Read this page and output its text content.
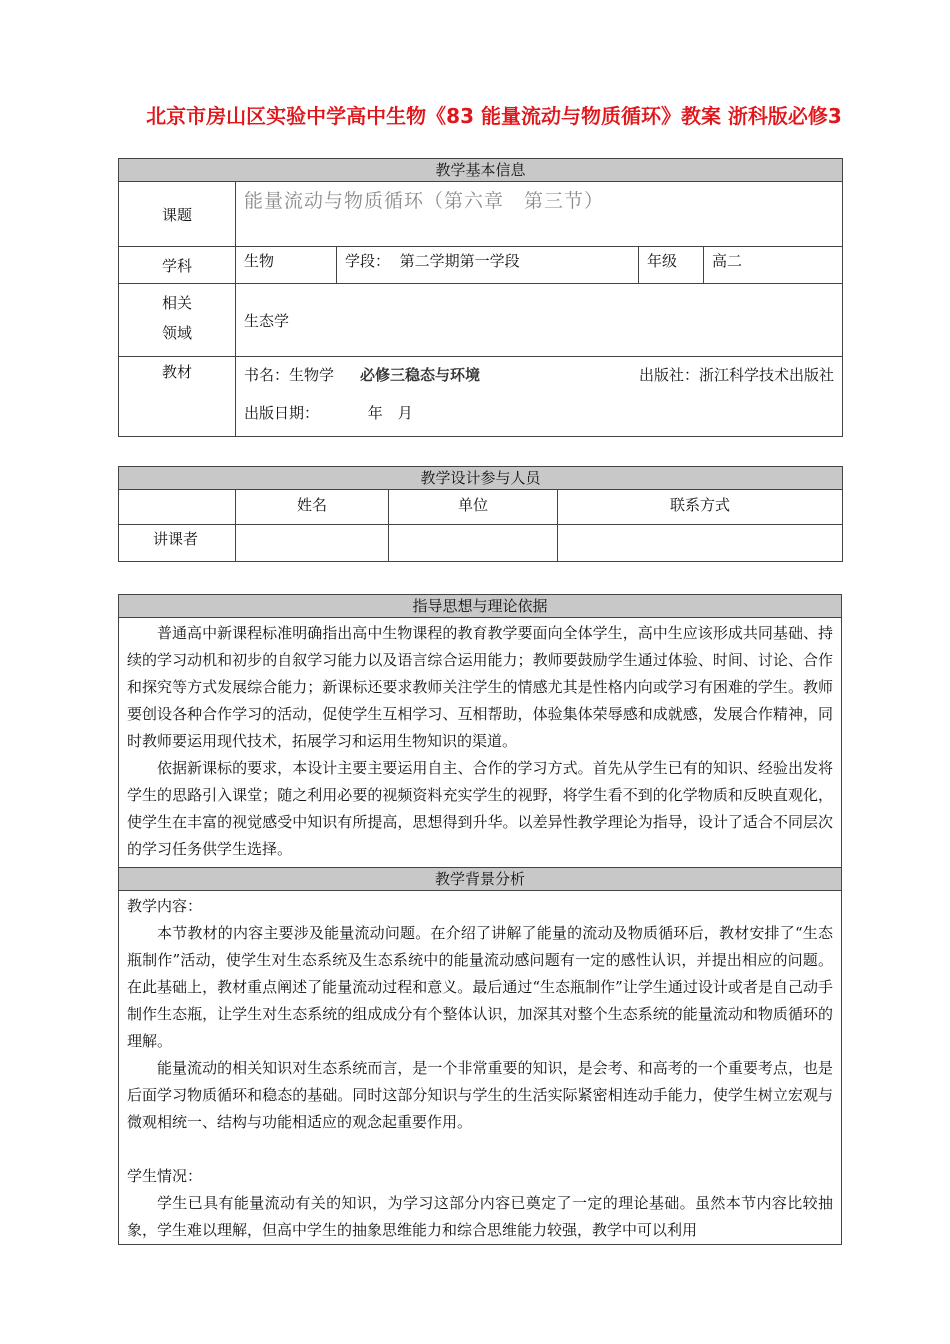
北京市房山区实验中学高中生物《83 能量流动与物质循环》教案 浙科版必修3
教学基本信息				
课题	能量流动与物质循环（第六章　第三节）			
学科	生物	学段： 第二学期第一学段	年级	高二

相关
领域	生态学			
教材	书名：生物学 必修三稳态与环境 出版社：浙江科学技术出版社
出版日期： 年　月			
教学设计参与人员			
	姓名	单位	联系方式
讲课者			
指导思想与理论依据

普通高中新课程标准明确指出高中生物课程的教育教学要面向全体学生，高中生应该形成共同基础、持续的学习动机和初步的自叙学习能力以及语言综合运用能力；教师要鼓励学生通过体验、时间、讨论、合作和探究等方式发展综合能力；新课标还要求教师关注学生的情感尤其是性格内向或学习有困难的学生。教师要创设各种合作学习的活动，促使学生互相学习、互相帮助，体验集体荣辱感和成就感，发展合作精神，同时教师要运用现代技术，拓展学习和运用生物知识的渠道。

依据新课标的要求，本设计主要主要运用自主、合作的学习方式。首先从学生已有的知识、经验出发将学生的思路引入课堂；随之利用必要的视频资料充实学生的视野，将学生看不到的化学物质和反映直观化，使学生在丰富的视觉感受中知识有所提高，思想得到升华。以差异性教学理论为指导，设计了适合不同层次的学习任务供学生选择。

教学背景分析

教学内容：

本节教材的内容主要涉及能量流动问题。在介绍了讲解了能量的流动及物质循环后，教材安排了“生态瓶制作”活动，使学生对生态系统及生态系统中的能量流动感问题有一定的感性认识，并提出相应的问题。在此基础上，教材重点阐述了能量流动过程和意义。最后通过“生态瓶制作”让学生通过设计或者是自己动手制作生态瓶，让学生对生态系统的组成成分有个整体认识，加深其对整个生态系统的能量流动和物质循环的理解。

能量流动的相关知识对生态系统而言，是一个非常重要的知识，是会考、和高考的一个重要考点，也是后面学习物质循环和稳态的基础。同时这部分知识与学生的生活实际紧密相连动手能力，使学生树立宏观与微观相统一、结构与功能相适应的观念起重要作用。

学生情况：

学生已具有能量流动有关的知识，为学习这部分内容已奠定了一定的理论基础。虽然本节内容比较抽象，学生难以理解，但高中学生的抽象思维能力和综合思维能力较强，教学中可以利用
